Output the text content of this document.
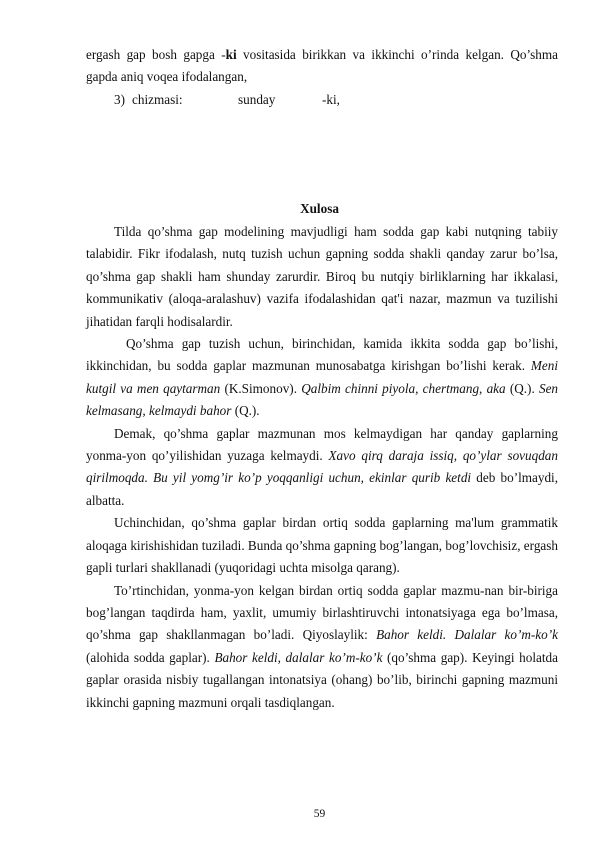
ergash gap bosh gapga -ki vositasida birikkan va ikkinchi o’rinda kelgan. Qo’shma gapda aniq voqea ifodalangan,

3) chizmasi:	sunday	-ki,
Xulosa

Tilda qo’shma gap modelining mavjudligi ham sodda gap kabi nutqning tabiiy talabidir. Fikr ifodalash, nutq tuzish uchun gapning sodda shakli qanday zarur bo’lsa, qo’shma gap shakli ham shunday zarurdir. Biroq bu nutqiy birliklarning har ikkalasi, kommunikativ (aloqa-aralashuv) vazifa ifodalashidan qat'i nazar, mazmun va tuzilishi jihatidan farqli hodisalardir.

Qo’shma gap tuzish uchun, birinchidan, kamida ikkita sodda gap bo’lishi, ikkinchidan, bu sodda gaplar mazmunan munosabatga kirishgan bo’lishi kerak. Meni kutgil va men qaytarman (K.Simonov). Qalbim chinni piyola, chertmang, aka (Q.). Sen kelmasang, kelmaydi bahor (Q.).

Demak, qo’shma gaplar mazmunan mos kelmaydigan har qanday gaplarning yonma-yon qo’yilishidan yuzaga kelmaydi. Xavo qirq daraja issiq, qo’ylar sovuqdan qirilmoqda. Bu yil yomg’ir ko’p yoqqanligi uchun, ekinlar qurib ketdi deb bo’lmaydi, albatta.

Uchinchidan, qo’shma gaplar birdan ortiq sodda gaplarning ma'lum grammatik aloqaga kirishishidan tuziladi. Bunda qo’shma gapning bog’langan, bog’lovchisiz, ergash gapli turlari shakllanadi (yuqoridagi uchta misolga qarang).

To’rtinchidan, yonma-yon kelgan birdan ortiq sodda gaplar mazmu-nan bir-biriga bog’langan taqdirda ham, yaxlit, umumiy birlashtiruvchi intonatsiyaga ega bo’lmasa, qo’shma gap shakllanmagan bo’ladi. Qiyoslaylik: Bahor keldi. Dalalar ko’m-ko’k (alohida sodda gaplar). Bahor keldi, dalalar ko’m-ko’k (qo’shma gap). Keyingi holatda gaplar orasida nisbiy tugallangan intonatsiya (ohang) bo’lib, birinchi gapning mazmuni ikkinchi gapning mazmuni orqali tasdiqlangan.

59
